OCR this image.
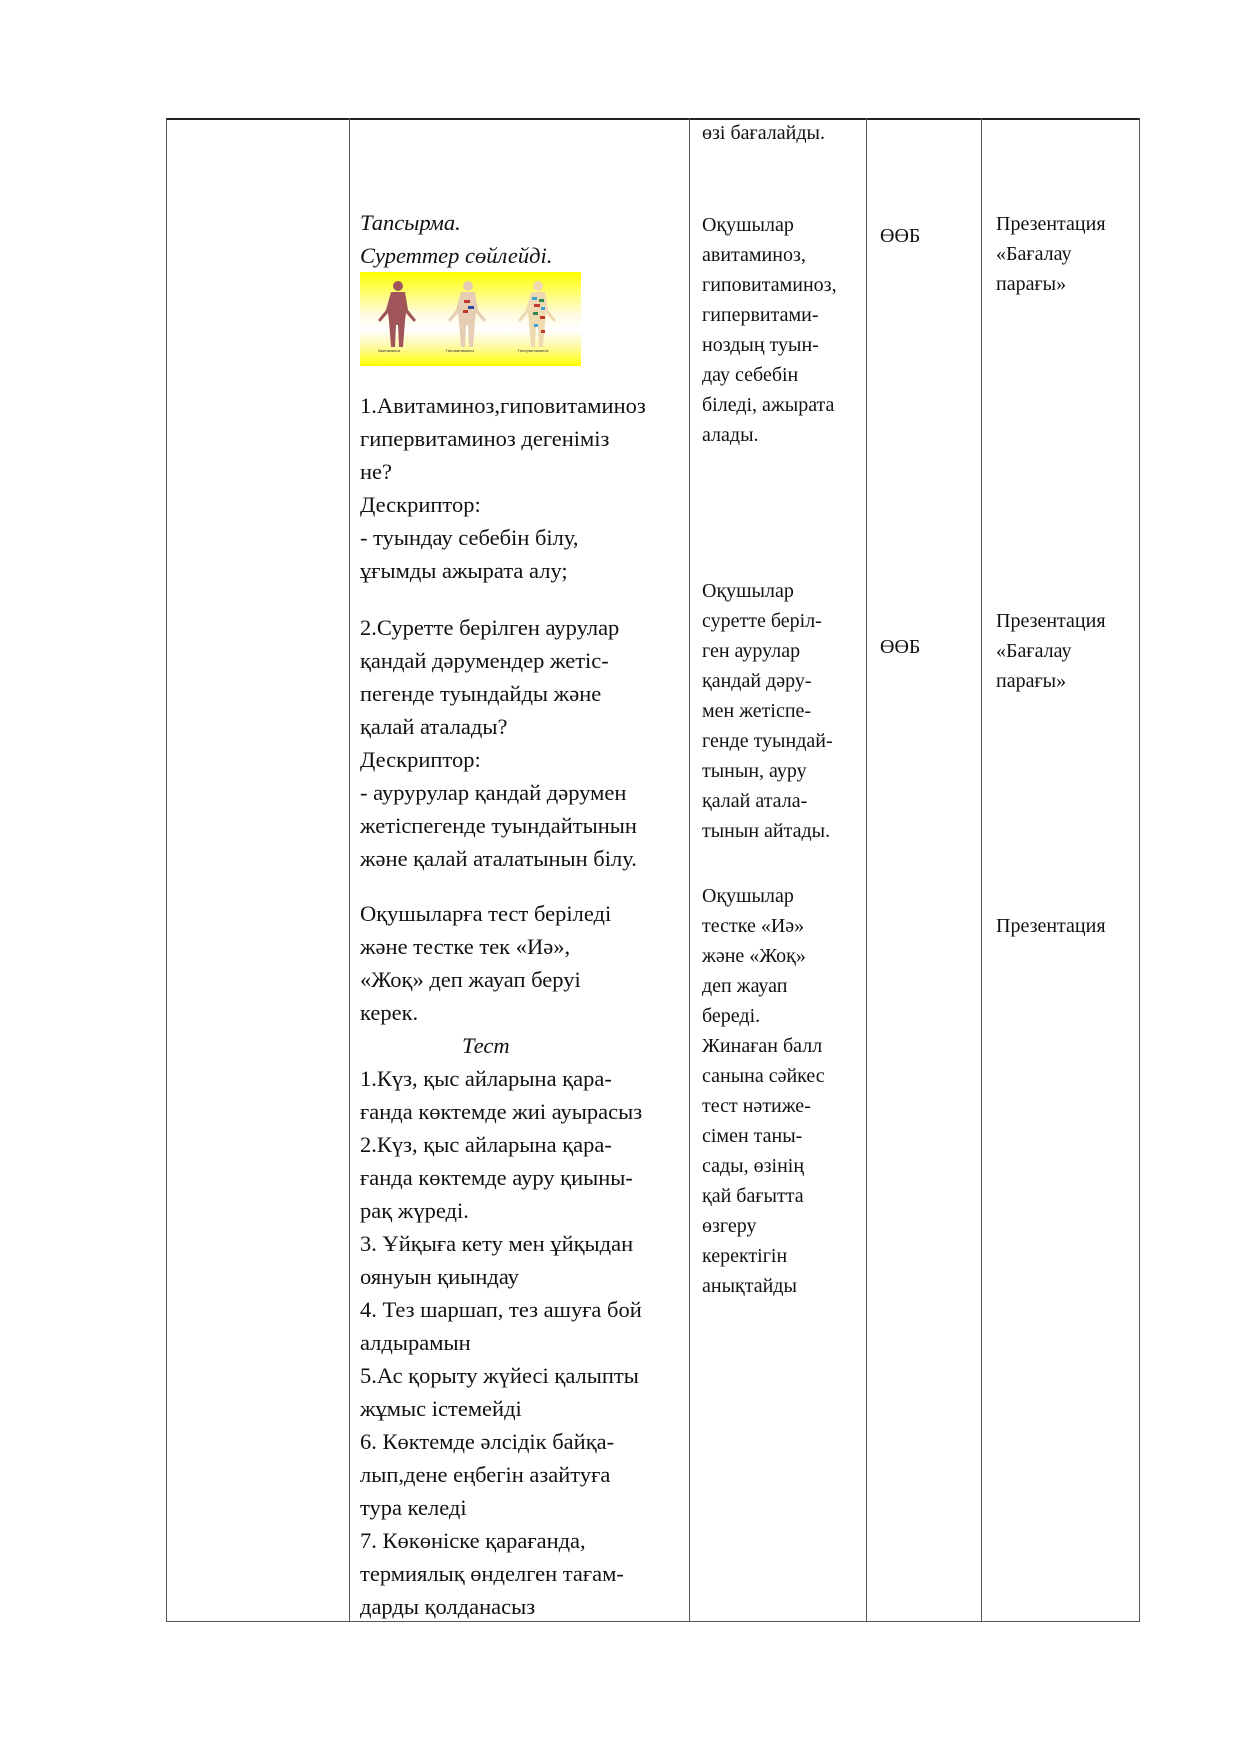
Тапсырма.
Суреттер сөйлейді.
Авитаминоз	Гиповитаминоз	Гипервитаминоз
1.Авитаминоз,гиповитаминоз
гипервитаминоз дегеніміз
не?
Дескриптор:
- туындау себебін білу,
ұғымды ажырата алу;
2.Суретте берілген аурулар
қандай дәрумендер жетіс-
пегенде туындайды және
қалай аталады?
Дескриптор:
- аурурулар қандай дәрумен
жетіспегенде туындайтынын
және қалай аталатынын білу.
Оқушыларға тест беріледі
және тестке тек «Иә»,
«Жоқ» деп жауап беруі
керек.
Тест
1.Күз, қыс айларына қара-
ғанда көктемде жиі ауырасыз
2.Күз, қыс айларына қара-
ғанда көктемде ауру қиыны-
рақ жүреді.
3. Ұйқыға кету мен ұйқыдан
оянуын қиындау
4. Тез шаршап, тез ашуға бой
алдырамын
5.Ас қорыту жүйесі қалыпты
жұмыс істемейді
6. Көктемде әлсідік байқа-
лып,дене еңбегін азайтуға
тура келеді
7. Көкөніске қарағанда,
термиялық өнделген тағам-
дарды қолданасыз
өзі бағалайды.
Оқушылар
авитаминоз,
гиповитаминоз,
гипервитами-
ноздың туын-
дау себебін
біледі, ажырата
алады.
Оқушылар
суретте берiл-
ген аурулар
қандай дәру-
мен жетіспе-
генде туындай-
тынын, ауру
қалай атала-
тынын айтады.
Оқушылар
тестке «Иә»
және «Жоқ»
деп жауап
береді.
Жинаған балл
санына сәйкес
тест нәтиже-
сімен таны-
сады, өзінің
қай бағытта
өзгеру
керектігін
анықтайды
ӨӨБ
ӨӨБ
Презентация
«Бағалау
парағы»
Презентация
«Бағалау
парағы»
Презентация
